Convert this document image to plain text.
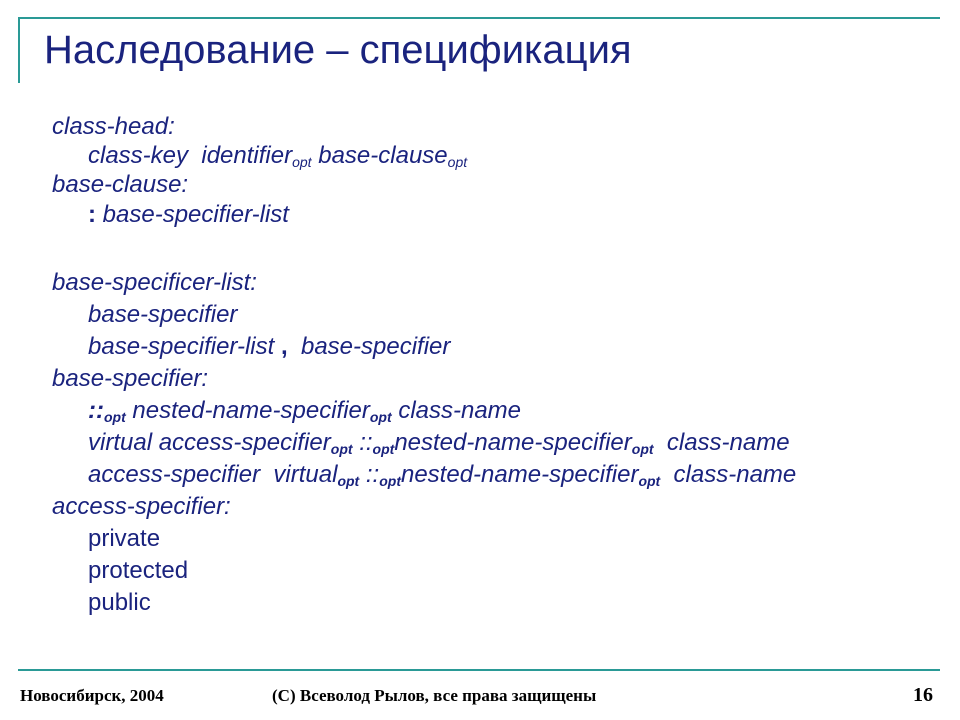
Наследование – спецификация
class-head:
class-key identifier$_{opt}$ base-clause$_{opt}$
base-clause:
: base-specifier-list
base-specificer-list:
base-specifier
base-specifier-list , base-specifier
base-specifier:
$::_{opt}$ nested-name-specifier$_{opt}$ class-name
virtual access-specifier$_{opt}$ $::_{opt}nested-name-specifier_{opt}$ class-name
access-specifier virtual$_{opt}$ $::_{opt}nested-name-specifier_{opt}$ class-name
access-specifier:
private
protected
public
Новосибирск, 2004	(С) Всеволод Рылов, все права защищены	16
